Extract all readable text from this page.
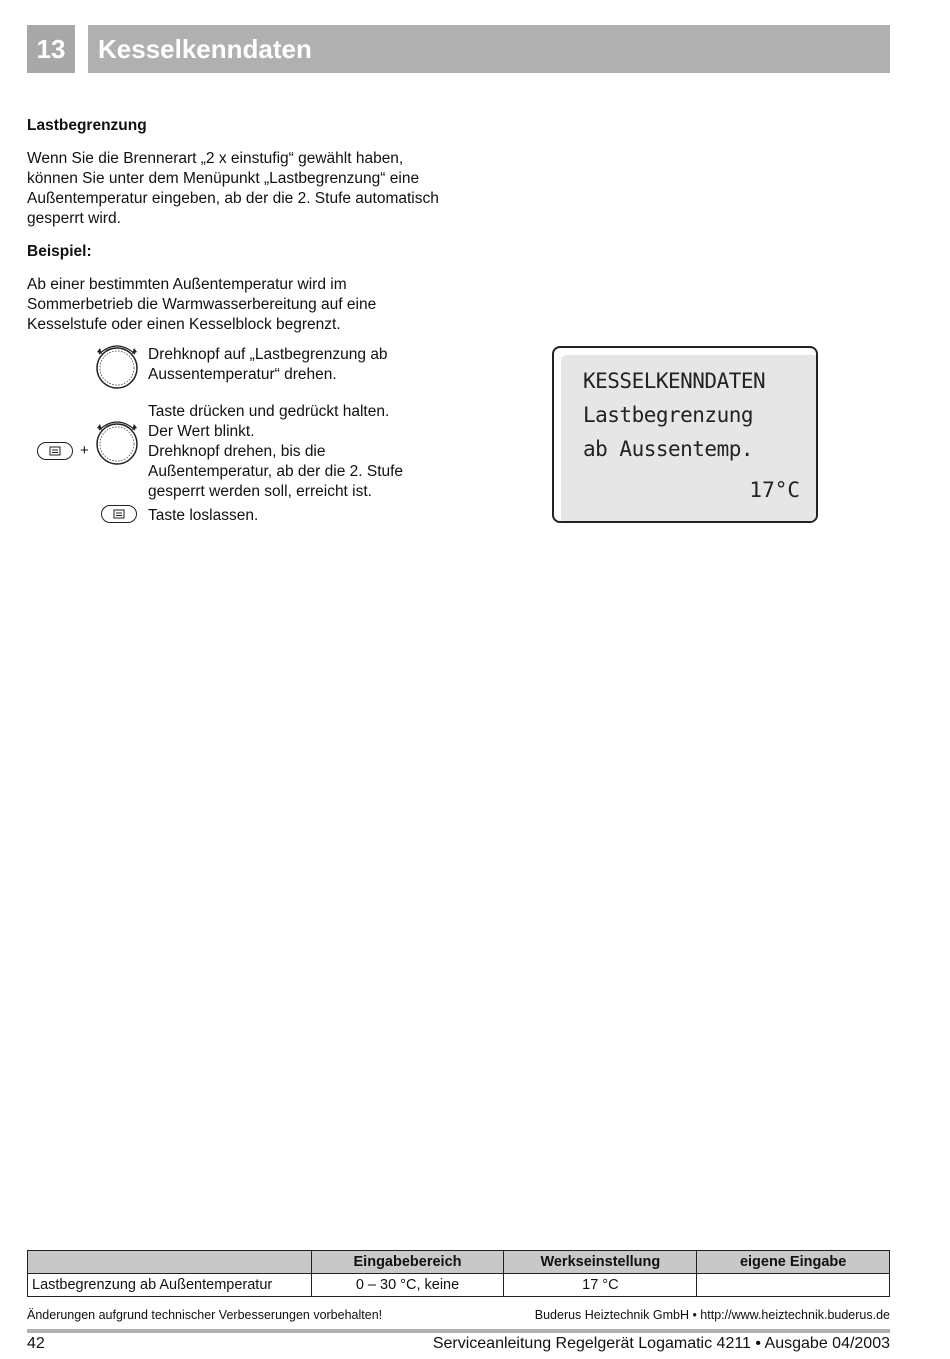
13	Kesselkenndaten
Lastbegrenzung

Wenn Sie die Brennerart „2 x einstufig“ gewählt haben, können Sie unter dem Menüpunkt „Lastbegrenzung“ eine Außentemperatur eingeben, ab der die 2. Stufe automatisch gesperrt wird.

Beispiel:

Ab einer bestimmten Außentemperatur wird im Sommerbetrieb die Warmwasserbereitung auf eine Kesselstufe oder einen Kesselblock begrenzt.

Drehknopf auf „Lastbegrenzung ab Aussentemperatur“ drehen.
+
Taste drücken und gedrückt halten.
Der Wert blinkt.
Drehknopf drehen, bis die Außentemperatur, ab der die 2. Stufe gesperrt werden soll, erreicht ist.
Taste loslassen.
KESSELKENNDATEN
Lastbegrenzung
ab Aussentemp.
17°C
	Eingabebereich	Werkseinstellung	eigene Eingabe
Lastbegrenzung ab Außentemperatur	0 – 30 °C, keine	17 °C	
Änderungen aufgrund technischer Verbesserungen vorbehalten!	Buderus Heiztechnik GmbH • http://www.heiztechnik.buderus.de
42	Serviceanleitung Regelgerät Logamatic 4211 • Ausgabe 04/2003
